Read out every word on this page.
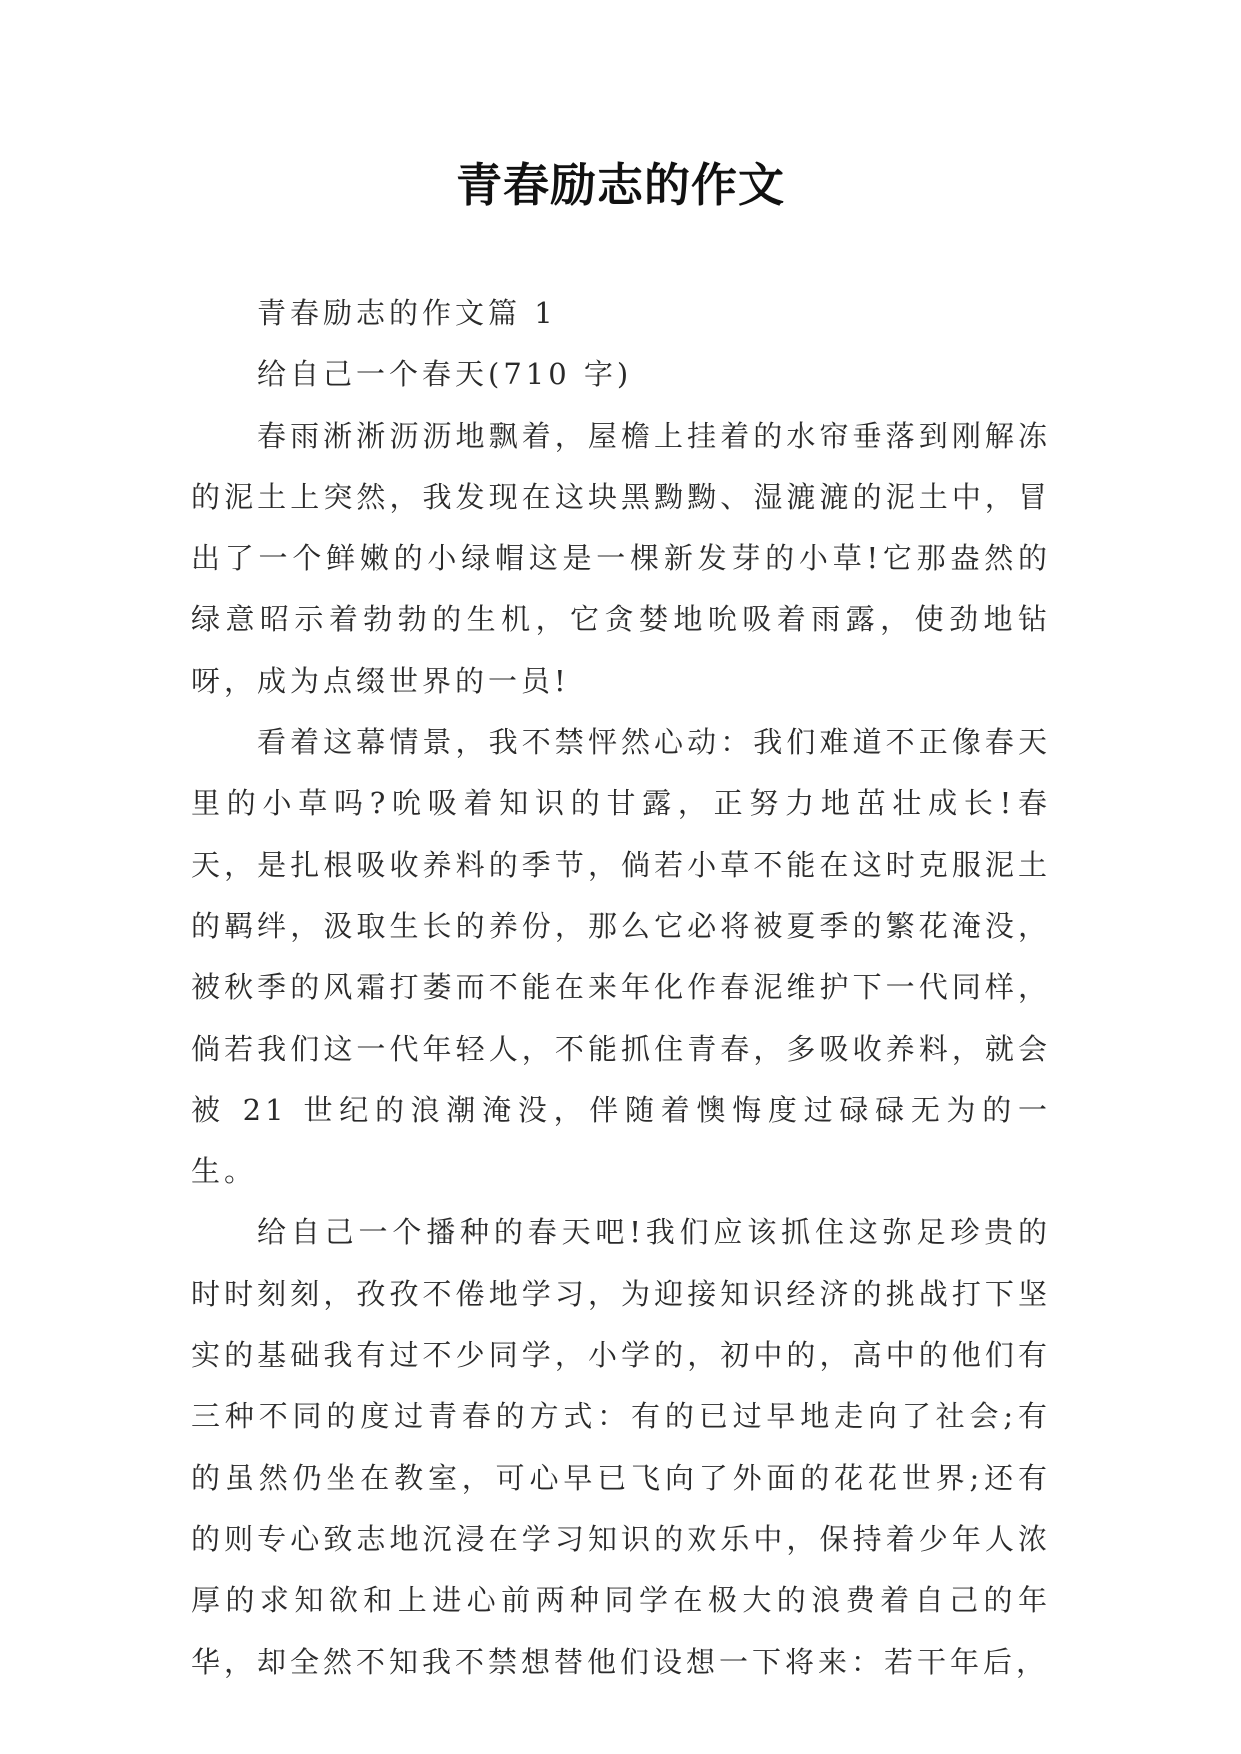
青春励志的作文

青春励志的作文篇 1

给自己一个春天(710 字)

春雨淅淅沥沥地飘着，屋檐上挂着的水帘垂落到刚解冻的泥土上突然，我发现在这块黑黝黝、湿漉漉的泥土中，冒出了一个鲜嫩的小绿帽这是一棵新发芽的小草!它那盎然的绿意昭示着勃勃的生机，它贪婪地吮吸着雨露，使劲地钻呀，成为点缀世界的一员!

看着这幕情景，我不禁怦然心动：我们难道不正像春天里的小草吗?吮吸着知识的甘露，正努力地茁壮成长!春天，是扎根吸收养料的季节，倘若小草不能在这时克服泥土的羁绊，汲取生长的养份，那么它必将被夏季的繁花淹没，被秋季的风霜打萎而不能在来年化作春泥维护下一代同样，倘若我们这一代年轻人，不能抓住青春，多吸收养料，就会被 21 世纪的浪潮淹没，伴随着懊悔度过碌碌无为的一生。

给自己一个播种的春天吧!我们应该抓住这弥足珍贵的时时刻刻，孜孜不倦地学习，为迎接知识经济的挑战打下坚实的基础我有过不少同学，小学的，初中的，高中的他们有三种不同的度过青春的方式：有的已过早地走向了社会;有的虽然仍坐在教室，可心早已飞向了外面的花花世界;还有的则专心致志地沉浸在学习知识的欢乐中，保持着少年人浓厚的求知欲和上进心前两种同学在极大的浪费着自己的年华，却全然不知我不禁想替他们设想一下将来：若干年后，
